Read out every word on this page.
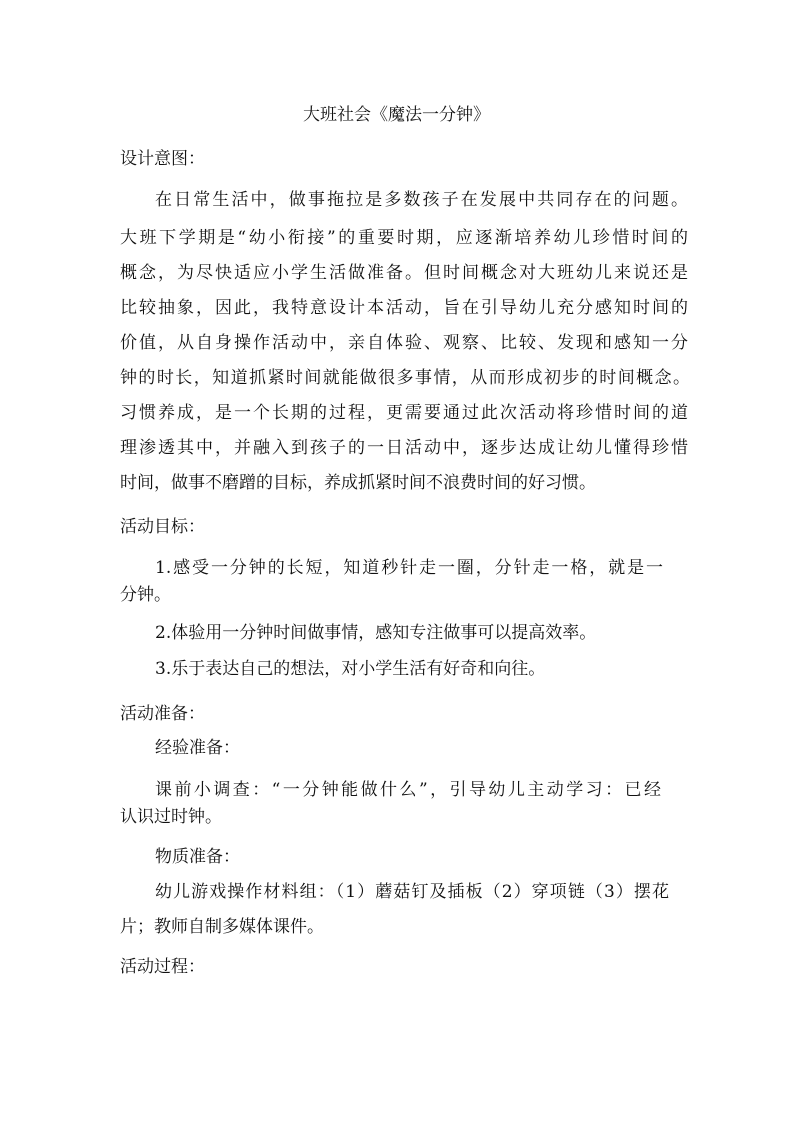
大班社会《魔法一分钟》
设计意图：
在日常生活中，做事拖拉是多数孩子在发展中共同存在的问题。
大班下学期是“幼小衔接”的重要时期，应逐渐培养幼儿珍惜时间的
概念，为尽快适应小学生活做准备。但时间概念对大班幼儿来说还是
比较抽象，因此，我特意设计本活动，旨在引导幼儿充分感知时间的
价值，从自身操作活动中，亲自体验、观察、比较、发现和感知一分
钟的时长，知道抓紧时间就能做很多事情，从而形成初步的时间概念。
习惯养成，是一个长期的过程，更需要通过此次活动将珍惜时间的道
理渗透其中，并融入到孩子的一日活动中，逐步达成让幼儿懂得珍惜
时间，做事不磨蹭的目标，养成抓紧时间不浪费时间的好习惯。
活动目标：
1.感受一分钟的长短，知道秒针走一圈，分针走一格，就是一
分钟。
2.体验用一分钟时间做事情，感知专注做事可以提高效率。
3.乐于表达自己的想法，对小学生活有好奇和向往。
活动准备：
经验准备：
课前小调查：“一分钟能做什么”，引导幼儿主动学习：已经
认识过时钟。
物质准备：
幼儿游戏操作材料组：（1）蘑菇钉及插板（2）穿项链（3）摆花
片；教师自制多媒体课件。
活动过程：
